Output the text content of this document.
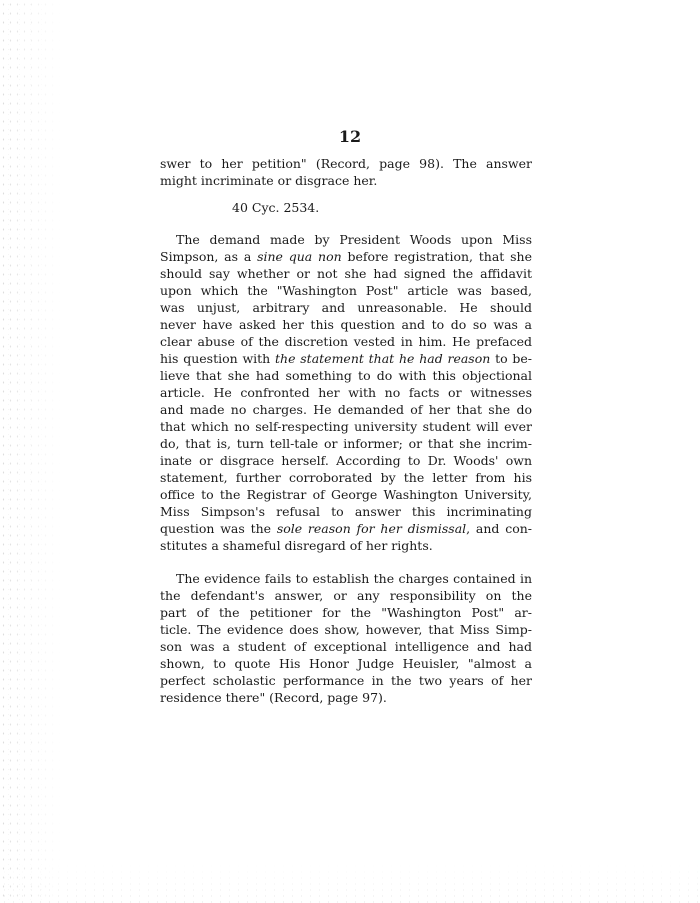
12
swer to her petition" (Record, page 98). The answer
might incriminate or disgrace her.
40 Cyc. 2534.
The demand made by President Woods upon Miss
Simpson, as a sine qua non before registration, that she
should say whether or not she had signed the affidavit
upon which the "Washington Post" article was based,
was unjust, arbitrary and unreasonable. He should
never have asked her this question and to do so was a
clear abuse of the discretion vested in him. He prefaced
his question with the statement that he had reason to be-
lieve that she had something to do with this objectional
article. He confronted her with no facts or witnesses
and made no charges. He demanded of her that she do
that which no self-respecting university student will ever
do, that is, turn tell-tale or informer; or that she incrim-
inate or disgrace herself. According to Dr. Woods' own
statement, further corroborated by the letter from his
office to the Registrar of George Washington University,
Miss Simpson's refusal to answer this incriminating
question was the sole reason for her dismissal, and con-
stitutes a shameful disregard of her rights.
The evidence fails to establish the charges contained in
the defendant's answer, or any responsibility on the
part of the petitioner for the "Washington Post" ar-
ticle. The evidence does show, however, that Miss Simp-
son was a student of exceptional intelligence and had
shown, to quote His Honor Judge Heuisler, "almost a
perfect scholastic performance in the two years of her
residence there" (Record, page 97).
